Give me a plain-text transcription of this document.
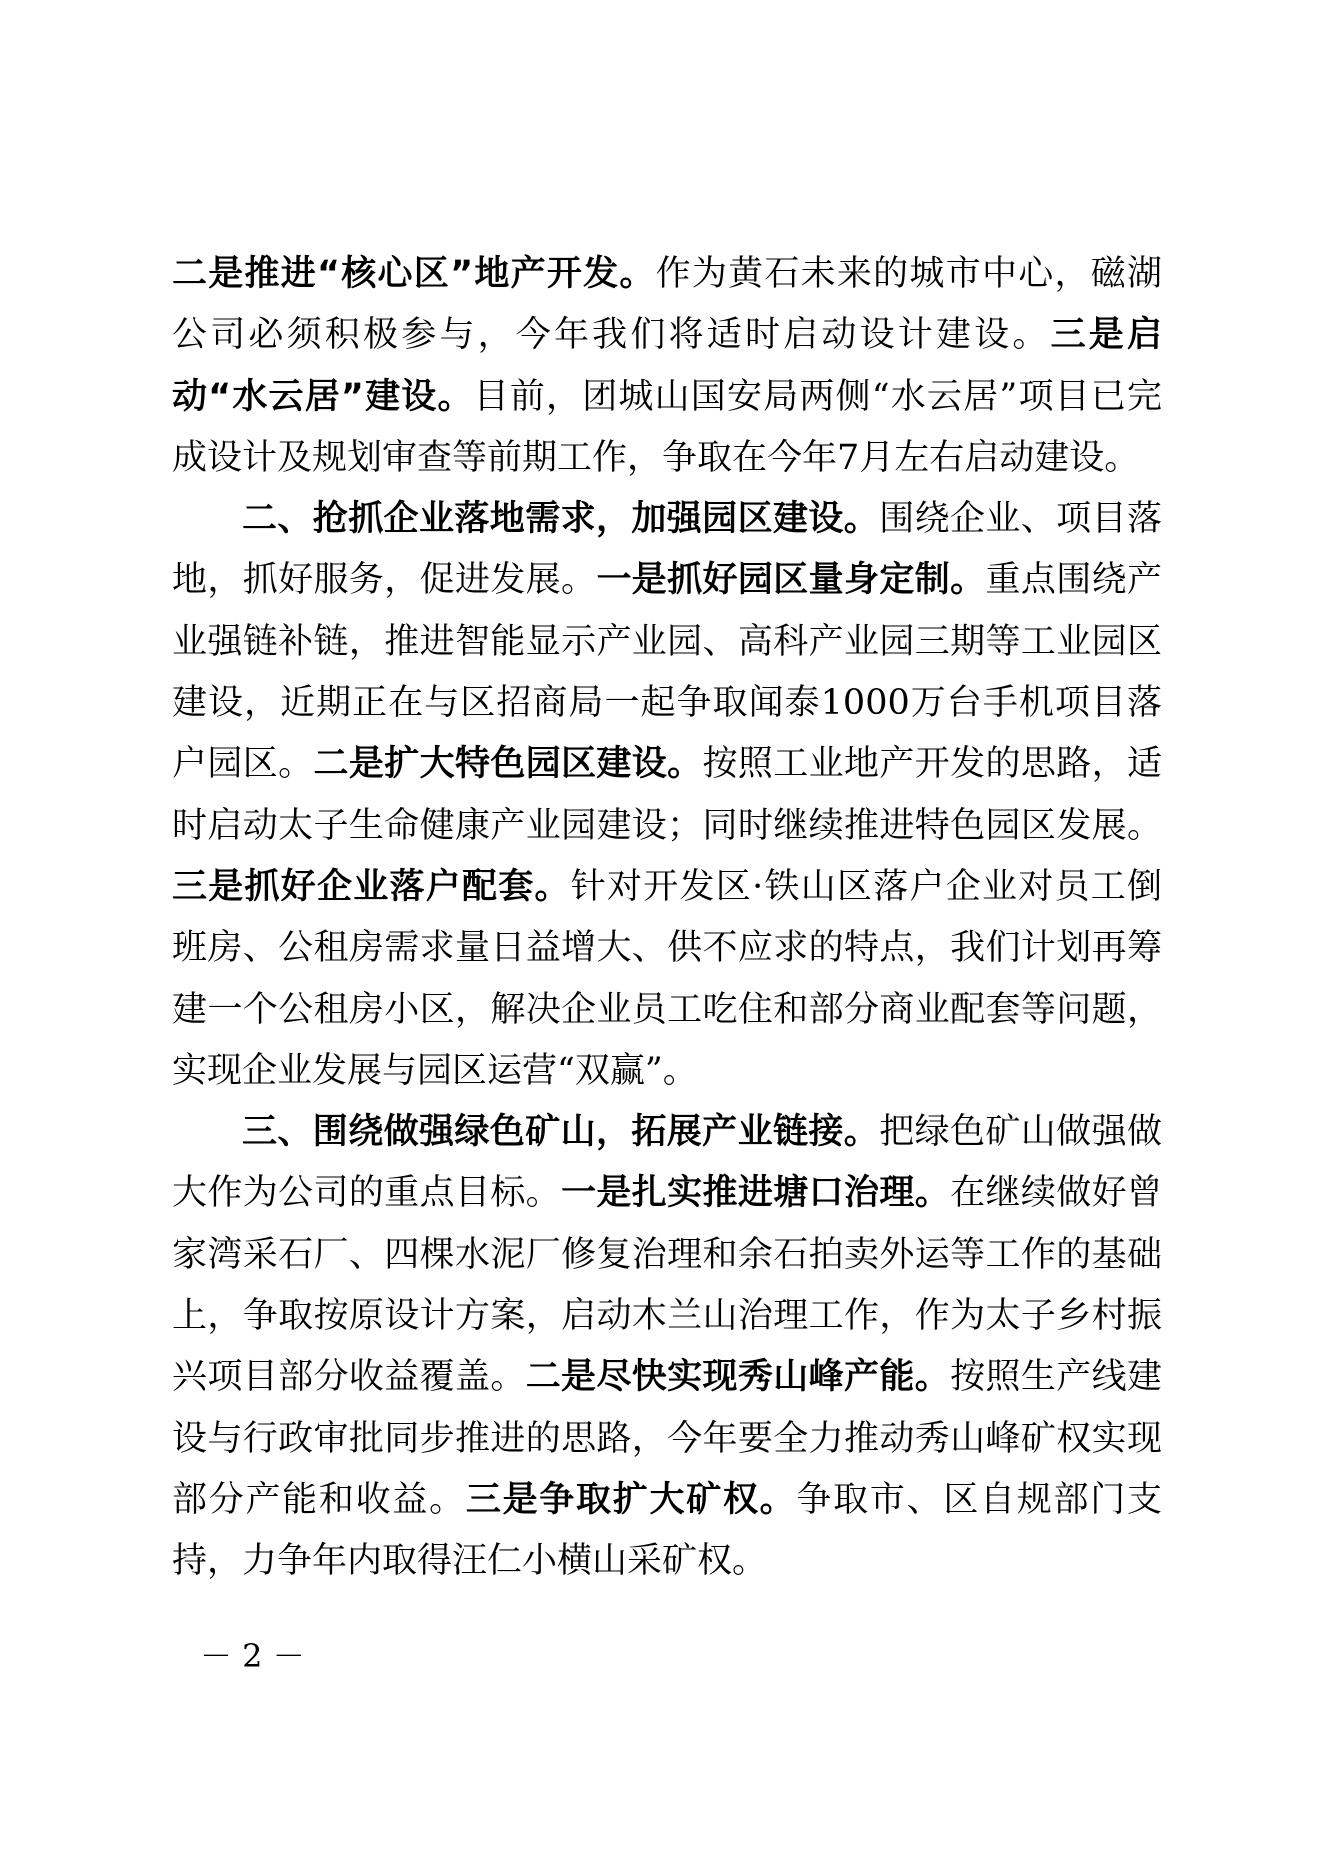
二是推进“核心区”地产开发。作为黄石未来的城市中心，磁湖公司必须积极参与，今年我们将适时启动设计建设。三是启动“水云居”建设。目前，团城山国安局两侧“水云居”项目已完成设计及规划审查等前期工作，争取在今年7月左右启动建设。

二、抢抓企业落地需求，加强园区建设。围绕企业、项目落地，抓好服务，促进发展。一是抓好园区量身定制。重点围绕产业强链补链，推进智能显示产业园、高科产业园三期等工业园区建设，近期正在与区招商局一起争取闻泰1000万台手机项目落户园区。二是扩大特色园区建设。按照工业地产开发的思路，适时启动太子生命健康产业园建设；同时继续推进特色园区发展。三是抓好企业落户配套。针对开发区·铁山区落户企业对员工倒班房、公租房需求量日益增大、供不应求的特点，我们计划再筹建一个公租房小区，解决企业员工吃住和部分商业配套等问题，实现企业发展与园区运营“双赢”。

三、围绕做强绿色矿山，拓展产业链接。把绿色矿山做强做大作为公司的重点目标。一是扎实推进塘口治理。在继续做好曾家湾采石厂、四棵水泥厂修复治理和余石拍卖外运等工作的基础上，争取按原设计方案，启动木兰山治理工作，作为太子乡村振兴项目部分收益覆盖。二是尽快实现秀山峰产能。按照生产线建设与行政审批同步推进的思路，今年要全力推动秀山峰矿权实现部分产能和收益。三是争取扩大矿权。争取市、区自规部门支持，力争年内取得汪仁小横山采矿权。

－ 2 －
